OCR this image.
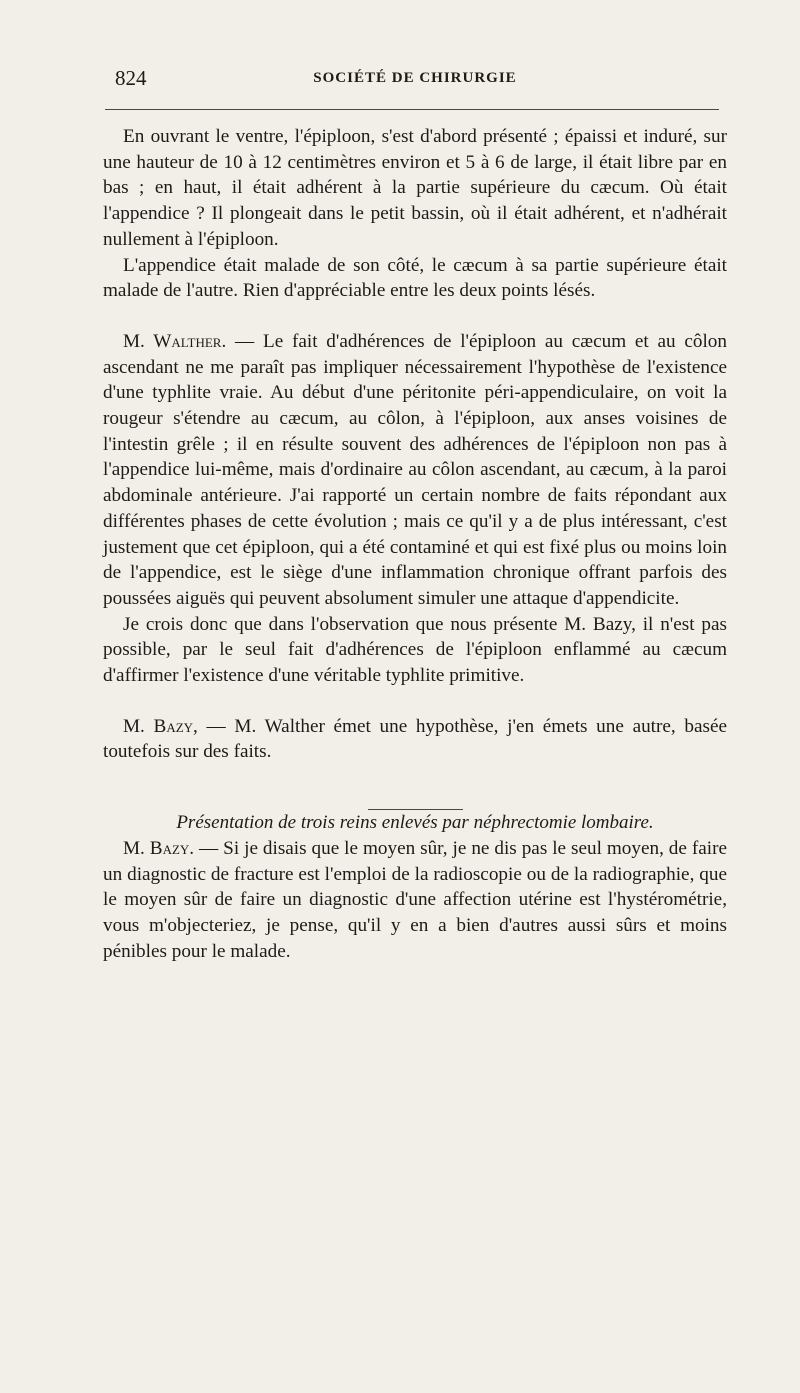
824	SOCIÉTÉ DE CHIRURGIE

En ouvrant le ventre, l'épiploon, s'est d'abord présenté ; épaissi et induré, sur une hauteur de 10 à 12 centimètres environ et 5 à 6 de large, il était libre par en bas ; en haut, il était adhérent à la partie supérieure du cæcum. Où était l'appendice ? Il plongeait dans le petit bassin, où il était adhérent, et n'adhérait nullement à l'épiploon.

L'appendice était malade de son côté, le cæcum à sa partie supérieure était malade de l'autre. Rien d'appréciable entre les deux points lésés.

M. Walther. — Le fait d'adhérences de l'épiploon au cæcum et au côlon ascendant ne me paraît pas impliquer nécessairement l'hypothèse de l'existence d'une typhlite vraie. Au début d'une péritonite péri-appendiculaire, on voit la rougeur s'étendre au cæcum, au côlon, à l'épiploon, aux anses voisines de l'intestin grêle ; il en résulte souvent des adhérences de l'épiploon non pas à l'appendice lui-même, mais d'ordinaire au côlon ascendant, au cæcum, à la paroi abdominale antérieure. J'ai rapporté un certain nombre de faits répondant aux différentes phases de cette évolution ; mais ce qu'il y a de plus intéressant, c'est justement que cet épiploon, qui a été contaminé et qui est fixé plus ou moins loin de l'appendice, est le siège d'une inflammation chronique offrant parfois des poussées aiguës qui peuvent absolument simuler une attaque d'appendicite.

Je crois donc que dans l'observation que nous présente M. Bazy, il n'est pas possible, par le seul fait d'adhérences de l'épiploon enflammé au cæcum d'affirmer l'existence d'une véritable typhlite primitive.

M. Bazy, — M. Walther émet une hypothèse, j'en émets une autre, basée toutefois sur des faits.

Présentation de trois reins enlevés par néphrectomie lombaire.

M. Bazy. — Si je disais que le moyen sûr, je ne dis pas le seul moyen, de faire un diagnostic de fracture est l'emploi de la radioscopie ou de la radiographie, que le moyen sûr de faire un diagnostic d'une affection utérine est l'hystérométrie, vous m'objecteriez, je pense, qu'il y en a bien d'autres aussi sûrs et moins pénibles pour le malade.
